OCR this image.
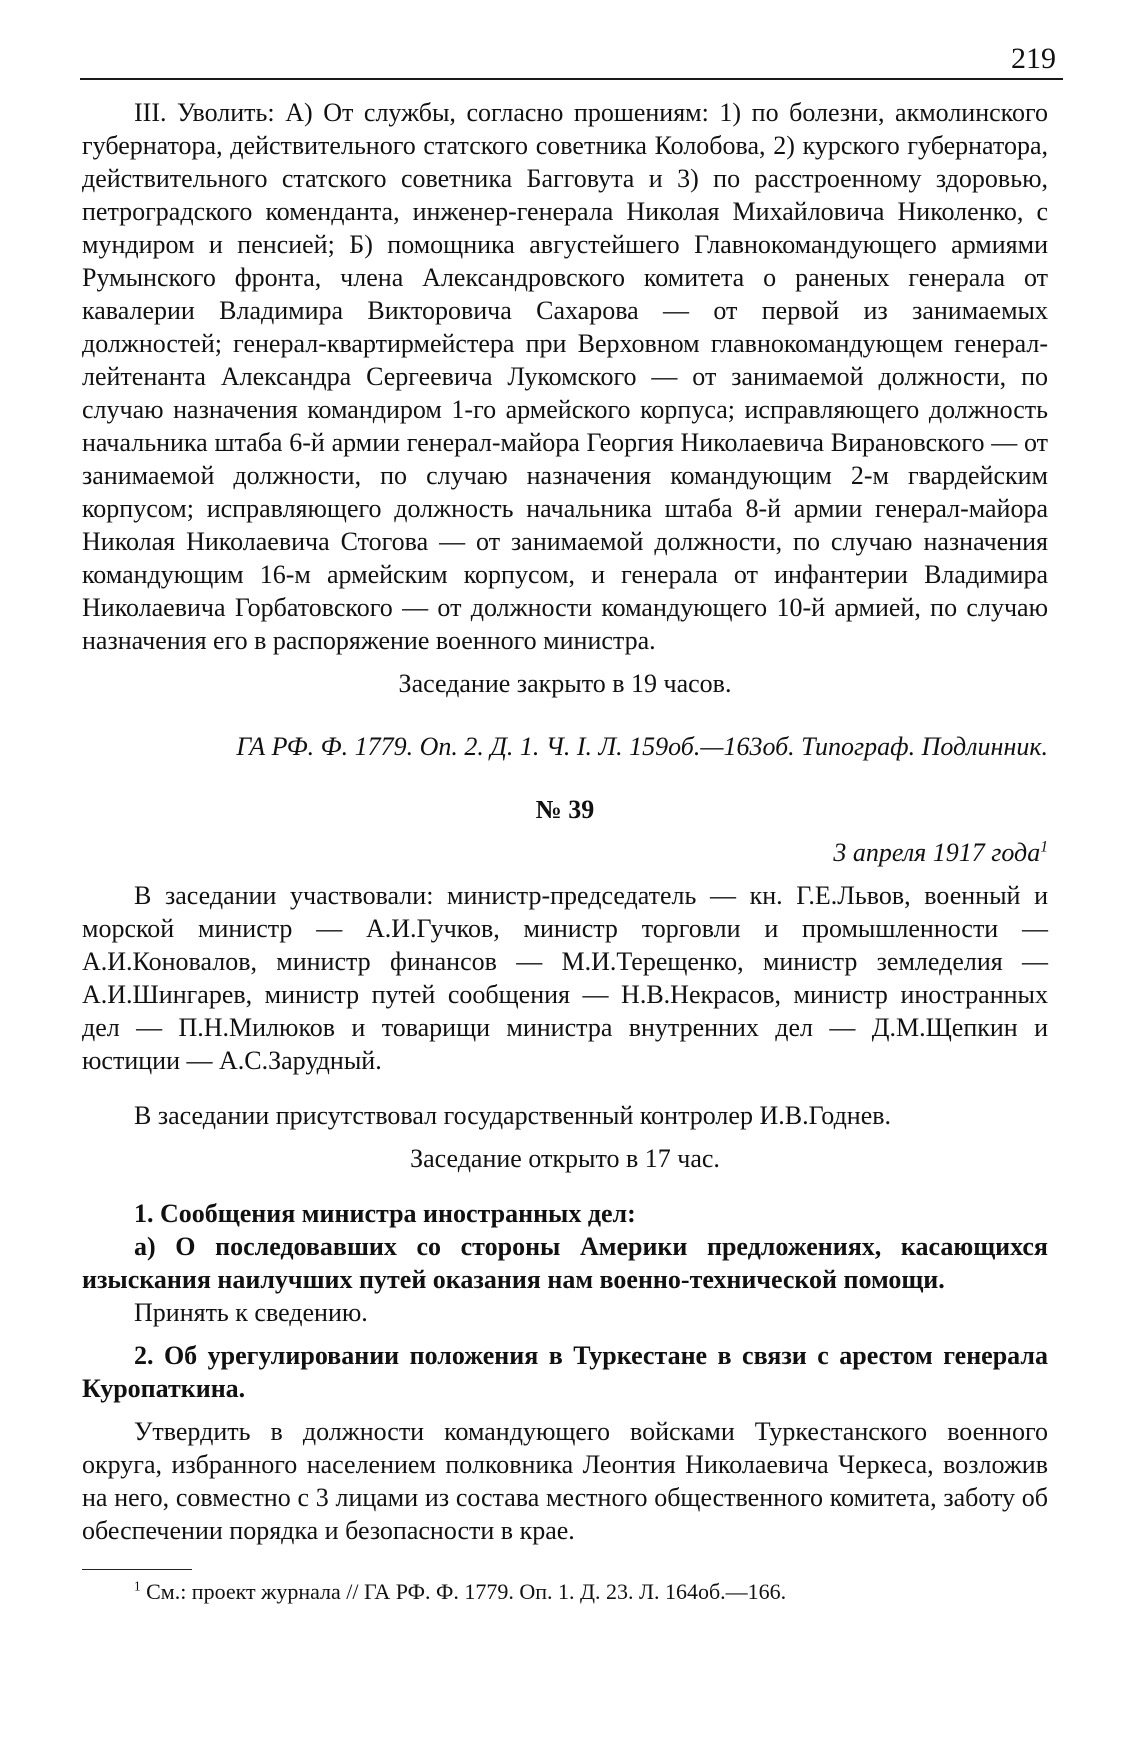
219

III. Уволить: А) От службы, согласно прошениям: 1) по болезни, акмолинского губернатора, действительного статского советника Колобова, 2) курского губернатора, действительного статского советника Багговута и 3) по расстроенному здоровью, петроградского коменданта, инженер-генерала Николая Михайловича Николенко, с мундиром и пенсией; Б) помощника августейшего Главнокомандующего армиями Румынского фронта, члена Александровского комитета о раненых генерала от кавалерии Владимира Викторовича Сахарова — от первой из занимаемых должностей; генерал-квартирмейстера при Верховном главнокомандующем генерал-лейтенанта Александра Сергеевича Лукомского — от занимаемой должности, по случаю назначения командиром 1-го армейского корпуса; исправляющего должность начальника штаба 6-й армии генерал-майора Георгия Николаевича Вирановского — от занимаемой должности, по случаю назначения командующим 2-м гвардейским корпусом; исправляющего должность начальника штаба 8-й армии генерал-майора Николая Николаевича Стогова — от занимаемой должности, по случаю назначения командующим 16-м армейским корпусом, и генерала от инфантерии Владимира Николаевича Горбатовского — от должности командующего 10-й армией, по случаю назначения его в распоряжение военного министра.

Заседание закрыто в 19 часов.

ГА РФ. Ф. 1779. Оп. 2. Д. 1. Ч. I. Л. 159об.—163об. Типограф. Подлинник.

№ 39

3 апреля 1917 года$^1$

В заседании участвовали: министр-председатель — кн. Г.Е.Львов, военный и морской министр — А.И.Гучков, министр торговли и промышленности — А.И.Коновалов, министр финансов — М.И.Терещенко, министр земледелия — А.И.Шингарев, министр путей сообщения — Н.В.Некрасов, министр иностранных дел — П.Н.Милюков и товарищи министра внутренних дел — Д.М.Щепкин и юстиции — А.С.Зарудный.

В заседании присутствовал государственный контролер И.В.Годнев.

Заседание открыто в 17 час.

1. Сообщения министра иностранных дел:

а) О последовавших со стороны Америки предложениях, касающихся изыскания наилучших путей оказания нам военно-технической помощи.

Принять к сведению.

2. Об урегулировании положения в Туркестане в связи с арестом генерала Куропаткина.

Утвердить в должности командующего войсками Туркестанского военного округа, избранного населением полковника Леонтия Николаевича Черкеса, возложив на него, совместно с 3 лицами из состава местного общественного комитета, заботу об обеспечении порядка и безопасности в крае.

$^1$ См.: проект журнала // ГА РФ. Ф. 1779. Оп. 1. Д. 23. Л. 164об.—166.
